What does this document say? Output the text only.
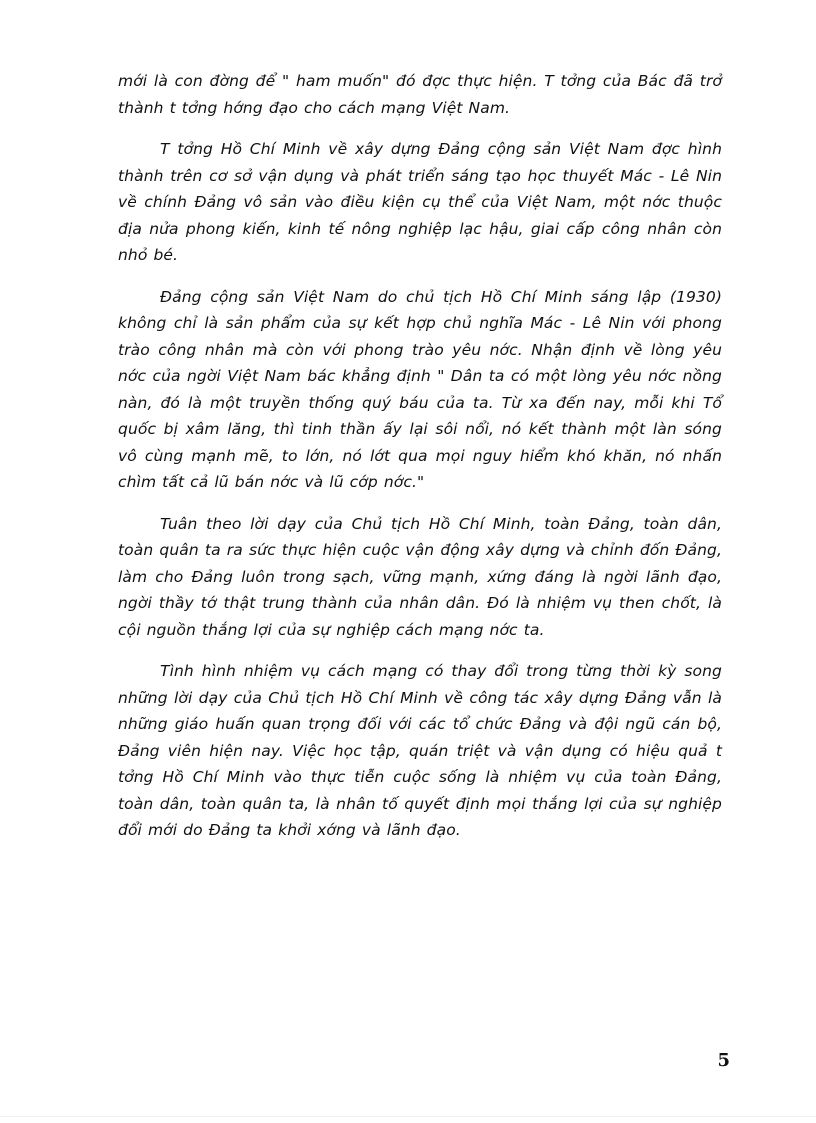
mới là con đờng để " ham muốn" đó đợc thực hiện. T tởng của Bác đã trở thành t tởng hớng đạo cho cách mạng Việt Nam.

T tởng Hồ Chí Minh về xây dựng Đảng cộng sản Việt Nam đợc hình thành trên cơ sở vận dụng và phát triển sáng tạo học thuyết Mác - Lê Nin về chính Đảng vô sản vào điều kiện cụ thể của Việt Nam, một nớc thuộc địa nửa phong kiến, kinh tế nông nghiệp lạc hậu, giai cấp công nhân còn nhỏ bé.

Đảng cộng sản Việt Nam do chủ tịch Hồ Chí Minh sáng lập (1930) không chỉ là sản phẩm của sự kết hợp chủ nghĩa Mác - Lê Nin với phong trào công nhân mà còn với phong trào yêu nớc. Nhận định về lòng yêu nớc của ngời Việt Nam bác khẳng định " Dân ta có một lòng yêu nớc nồng nàn, đó là một truyền thống quý báu của ta. Từ xa đến nay, mỗi khi Tổ quốc bị xâm lăng, thì tinh thần ấy lại sôi nổi, nó kết thành một làn sóng vô cùng mạnh mẽ, to lớn, nó lớt qua mọi nguy hiểm khó khăn, nó nhấn chìm tất cả lũ bán nớc và lũ cớp nớc."

Tuân theo lời dạy của Chủ tịch Hồ Chí Minh, toàn Đảng, toàn dân, toàn quân ta ra sức thực hiện cuộc vận động xây dựng và chỉnh đốn Đảng, làm cho Đảng luôn trong sạch, vững mạnh, xứng đáng là ngời lãnh đạo, ngời thầy tớ thật trung thành của nhân dân. Đó là nhiệm vụ then chốt, là cội nguồn thắng lợi của sự nghiệp cách mạng nớc ta.

Tình hình nhiệm vụ cách mạng có thay đổi trong từng thời kỳ song những lời dạy của Chủ tịch Hồ Chí Minh về công tác xây dựng Đảng vẫn là những giáo huấn quan trọng đối với các tổ chức Đảng và đội ngũ cán bộ, Đảng viên hiện nay. Việc học tập, quán triệt và vận dụng có hiệu quả t tởng Hồ Chí Minh vào thực tiễn cuộc sống là nhiệm vụ của toàn Đảng, toàn dân, toàn quân ta, là nhân tố quyết định mọi thắng lợi của sự nghiệp đổi mới do Đảng ta khởi xớng và lãnh đạo.

5
